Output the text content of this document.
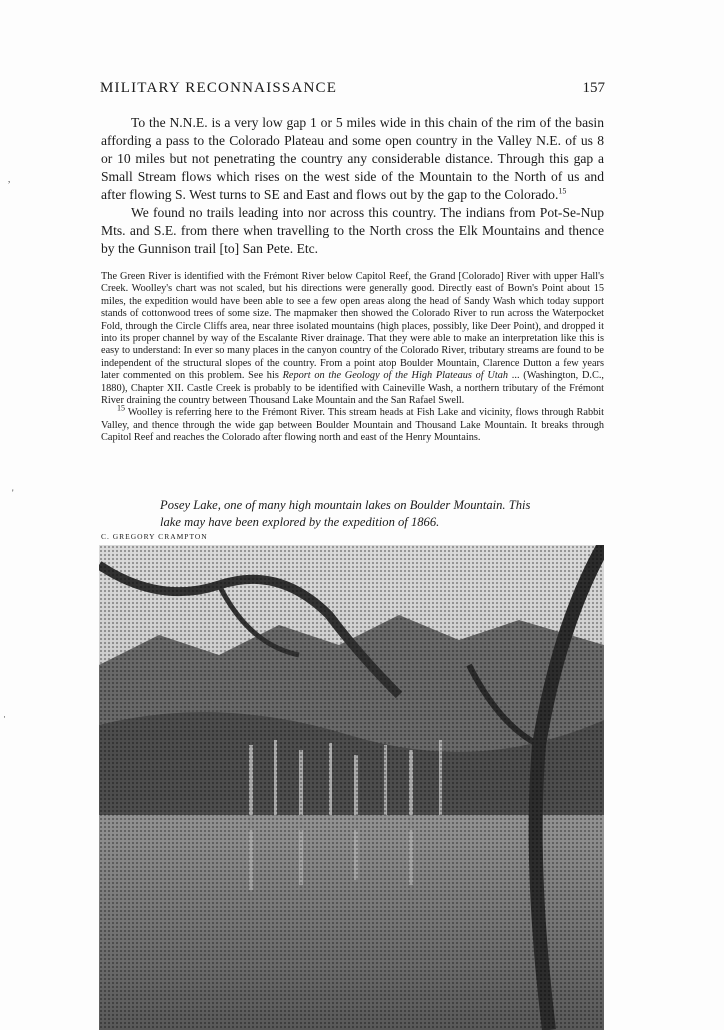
,
'
·
MILITARY RECONNAISSANCE	157

To the N.N.E. is a very low gap 1 or 5 miles wide in this chain of the rim of the basin affording a pass to the Colorado Plateau and some open country in the Valley N.E. of us 8 or 10 miles but not penetrating the country any considerable distance. Through this gap a Small Stream flows which rises on the west side of the Mountain to the North of us and after flowing S. West turns to SE and East and flows out by the gap to the Colorado.$^{15}$

We found no trails leading into nor across this country. The indians from Pot-Se-Nup Mts. and S.E. from there when travelling to the North cross the Elk Mountains and thence by the Gunnison trail [to] San Pete. Etc.

The Green River is identified with the Frémont River below Capitol Reef, the Grand [Colorado] River with upper Hall's Creek. Woolley's chart was not scaled, but his directions were generally good. Directly east of Bown's Point about 15 miles, the expedition would have been able to see a few open areas along the head of Sandy Wash which today support stands of cottonwood trees of some size. The mapmaker then showed the Colorado River to run across the Waterpocket Fold, through the Circle Cliffs area, near three isolated mountains (high places, possibly, like Deer Point), and dropped it into its proper channel by way of the Escalante River drainage. That they were able to make an interpretation like this is easy to understand: In ever so many places in the canyon country of the Colorado River, tributary streams are found to be independent of the structural slopes of the country. From a point atop Boulder Mountain, Clarence Dutton a few years later commented on this problem. See his Report on the Geology of the High Plateaus of Utah ... (Washington, D.C., 1880), Chapter XII. Castle Creek is probably to be identified with Caineville Wash, a northern tributary of the Frémont River draining the country between Thousand Lake Mountain and the San Rafael Swell.

$^{15}$ Woolley is referring here to the Frémont River. This stream heads at Fish Lake and vicinity, flows through Rabbit Valley, and thence through the wide gap between Boulder Mountain and Thousand Lake Mountain. It breaks through Capitol Reef and reaches the Colorado after flowing north and east of the Henry Mountains.

Posey Lake, one of many high mountain lakes on Boulder Mountain. This lake may have been explored by the expedition of 1866.
C. GREGORY CRAMPTON
